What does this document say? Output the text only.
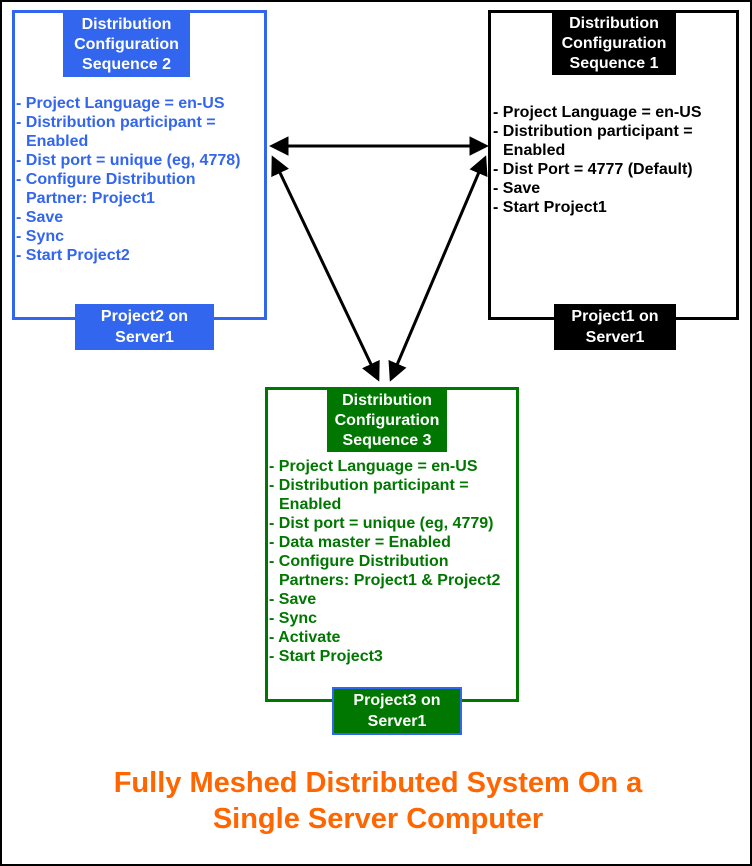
Distribution
Configuration
Sequence 2
- Project Language = en-US
- Distribution participant =
Enabled
- Dist port = unique (eg, 4778)
- Configure Distribution
Partner: Project1
- Save
- Sync
- Start Project2
Project2 on
Server1
Distribution
Configuration
Sequence 1
- Project Language = en-US
- Distribution participant =
Enabled
- Dist Port = 4777 (Default)
- Save
- Start Project1
Project1 on
Server1
Distribution
Configuration
Sequence 3
- Project Language = en-US
- Distribution participant =
Enabled
- Dist port = unique (eg, 4779)
- Data master = Enabled
- Configure Distribution
Partners: Project1 & Project2
- Save
- Sync
- Activate
- Start Project3
Project3 on
Server1
Fully Meshed Distributed System On a
Single Server Computer
